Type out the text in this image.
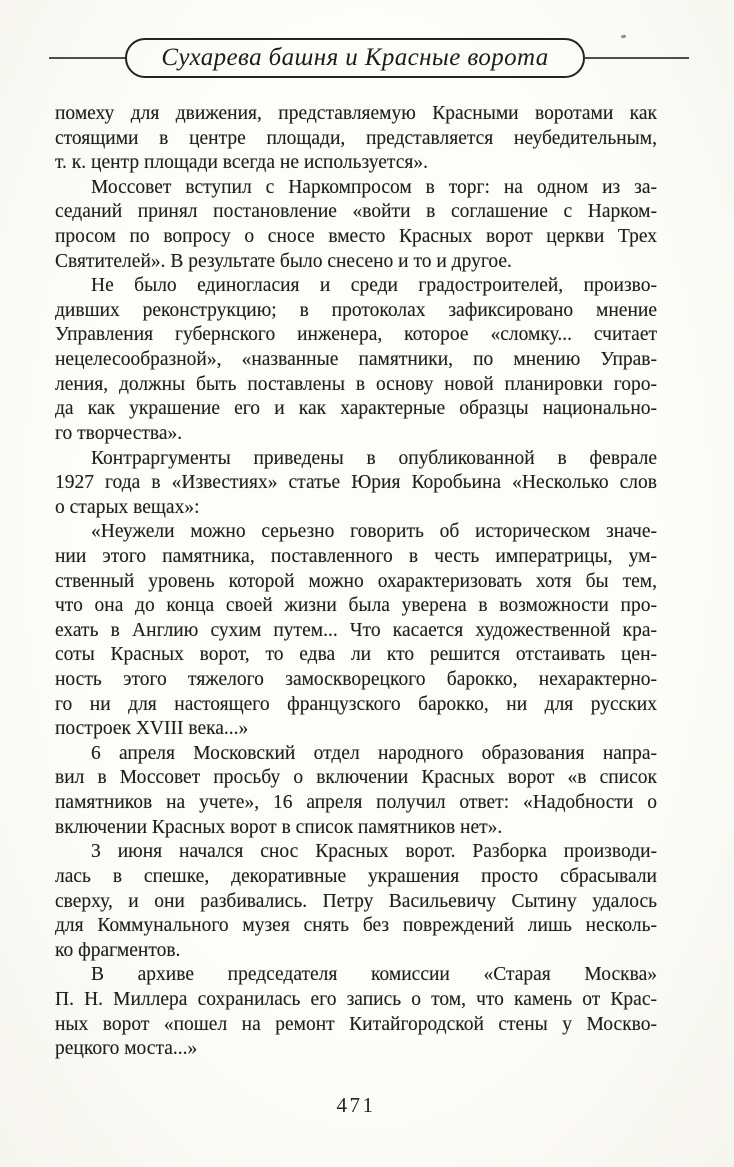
Сухарева башня и Красные ворота
помеху для движения, представляемую Красными воротами как
стоящими в центре площади, представляется неубедительным,
т. к. центр площади всегда не используется».
Моссовет вступил с Наркомпросом в торг: на одном из за-
седаний принял постановление «войти в соглашение с Нарком-
просом по вопросу о сносе вместо Красных ворот церкви Трех
Святителей». В результате было снесено и то и другое.
Не было единогласия и среди градостроителей, произво-
дивших реконструкцию; в протоколах зафиксировано мнение
Управления губернского инженера, которое «сломку... считает
нецелесообразной», «названные памятники, по мнению Управ-
ления, должны быть поставлены в основу новой планировки горо-
да как украшение его и как характерные образцы национально-
го творчества».
Контраргументы приведены в опубликованной в феврале
1927 года в «Известиях» статье Юрия Коробьина «Несколько слов
о старых вещах»:
«Неужели можно серьезно говорить об историческом значе-
нии этого памятника, поставленного в честь императрицы, ум-
ственный уровень которой можно охарактеризовать хотя бы тем,
что она до конца своей жизни была уверена в возможности про-
ехать в Англию сухим путем... Что касается художественной кра-
соты Красных ворот, то едва ли кто решится отстаивать цен-
ность этого тяжелого замоскворецкого барокко, нехарактерно-
го ни для настоящего французского барокко, ни для русских
построек XVIII века...»
6 апреля Московский отдел народного образования напра-
вил в Моссовет просьбу о включении Красных ворот «в список
памятников на учете», 16 апреля получил ответ: «Надобности о
включении Красных ворот в список памятников нет».
3 июня начался снос Красных ворот. Разборка производи-
лась в спешке, декоративные украшения просто сбрасывали
сверху, и они разбивались. Петру Васильевичу Сытину удалось
для Коммунального музея снять без повреждений лишь несколь-
ко фрагментов.
В архиве председателя комиссии «Старая Москва»
П. Н. Миллера сохранилась его запись о том, что камень от Крас-
ных ворот «пошел на ремонт Китайгородской стены у Москво-
рецкого моста...»
471
